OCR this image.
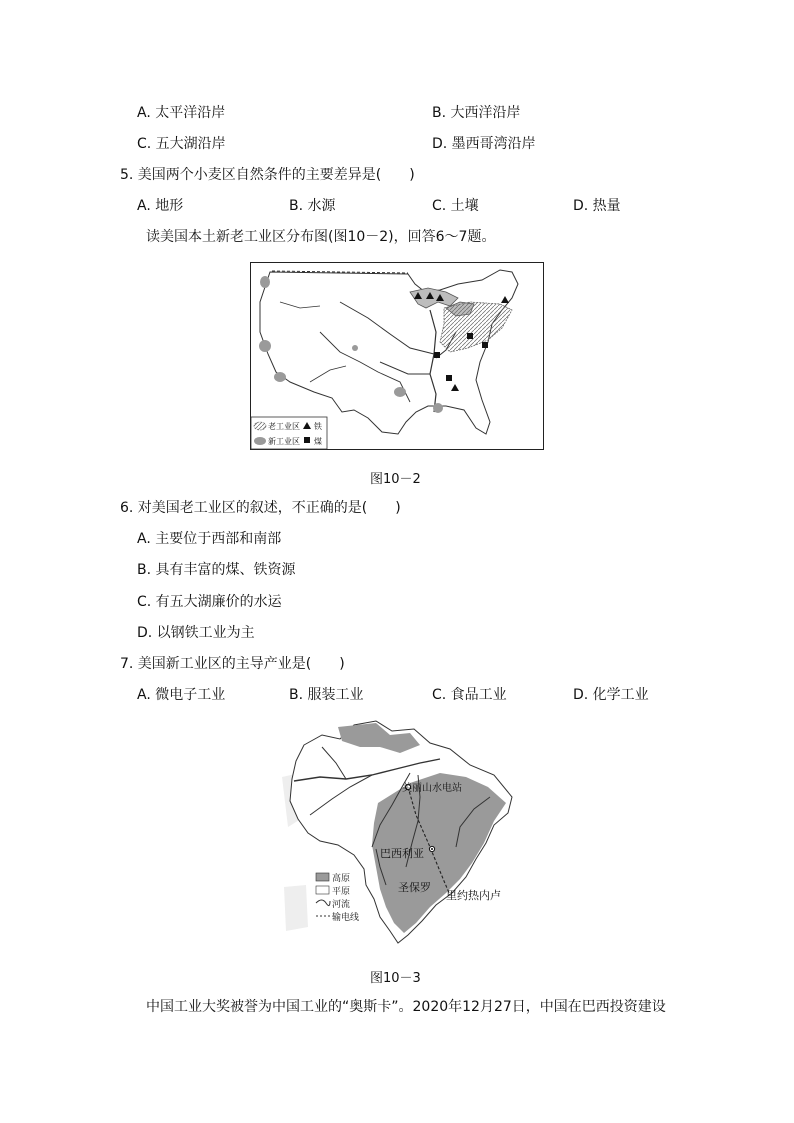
A. 太平洋沿岸	B. 大西洋沿岸
C. 五大湖沿岸	D. 墨西哥湾沿岸
5. 美国两个小麦区自然条件的主要差异是(　　)
A. 地形	B. 水源	C. 土壤	D. 热量
读美国本土新老工业区分布图(图10－2)，回答6～7题。
老工业区 铁
新工业区 煤
图10－2
6. 对美国老工业区的叙述，不正确的是(　　)
A. 主要位于西部和南部
B. 具有丰富的煤、铁资源
C. 有五大湖廉价的水运
D. 以钢铁工业为主
7. 美国新工业区的主导产业是(　　)
A. 微电子工业	B. 服装工业	C. 食品工业	D. 化学工业
美丽山水电站
巴西利亚
圣保罗
里约热内卢
高原
平原
河流
输电线
图10－3
中国工业大奖被誉为中国工业的“奥斯卡”。2020年12月27日，中国在巴西投资建设
